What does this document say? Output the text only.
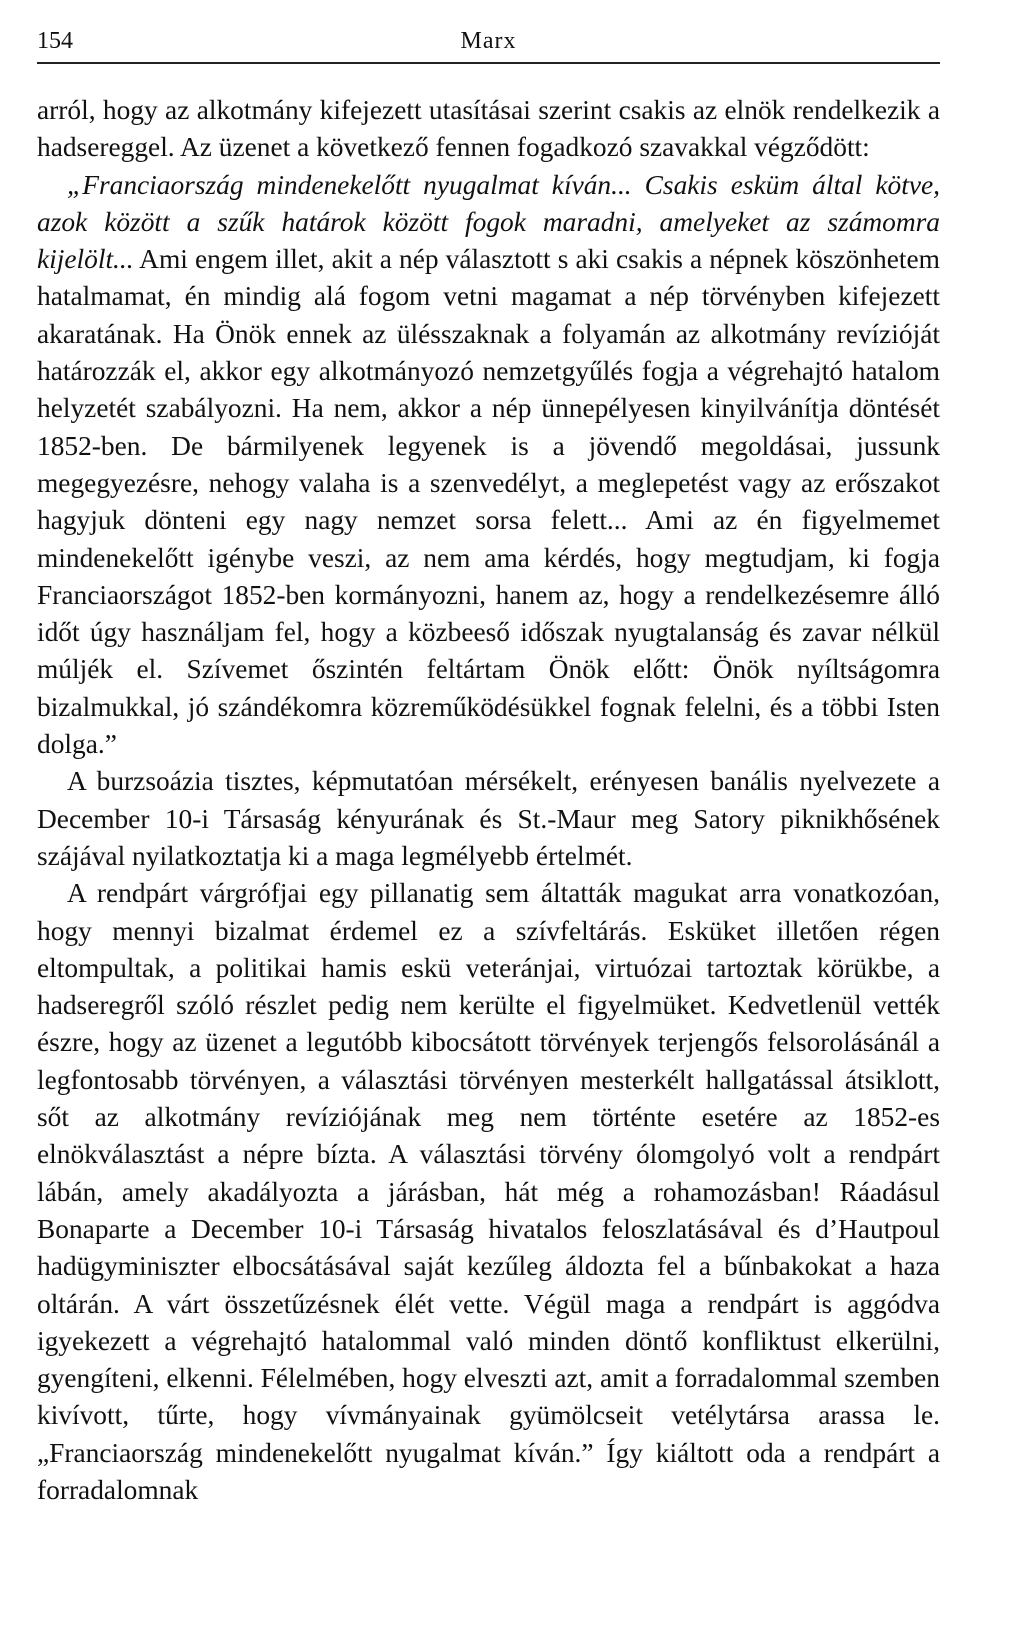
154	Marx

arról, hogy az alkotmány kifejezett utasításai szerint csakis az elnök rendelkezik a hadsereggel. Az üzenet a következő fennen fogadkozó szavakkal végződött:

„Franciaország mindenekelőtt nyugalmat kíván... Csakis esküm által kötve, azok között a szűk határok között fogok maradni, amelyeket az számomra kijelölt... Ami engem illet, akit a nép választott s aki csakis a népnek köszönhetem hatalmamat, én mindig alá fogom vetni magamat a nép törvényben kifejezett akaratának. Ha Önök ennek az ülésszaknak a folyamán az alkotmány revízióját határozzák el, akkor egy alkotmányozó nemzetgyűlés fogja a végrehajtó hatalom helyzetét szabályozni. Ha nem, akkor a nép ünnepélyesen kinyilvánítja döntését 1852-ben. De bármilyenek legyenek is a jövendő megoldásai, jussunk megegyezésre, nehogy valaha is a szenvedélyt, a meglepetést vagy az erőszakot hagyjuk dönteni egy nagy nemzet sorsa felett... Ami az én figyelmemet mindenekelőtt igénybe veszi, az nem ama kérdés, hogy megtudjam, ki fogja Franciaországot 1852-ben kormányozni, hanem az, hogy a rendelkezésemre álló időt úgy használjam fel, hogy a közbeeső időszak nyugtalanság és zavar nélkül múljék el. Szívemet őszintén feltártam Önök előtt: Önök nyíltságomra bizalmukkal, jó szándékomra közreműködésükkel fognak felelni, és a többi Isten dolga.”

A burzsoázia tisztes, képmutatóan mérsékelt, erényesen banális nyelvezete a December 10-i Társaság kényurának és St.-Maur meg Satory piknikhősének szájával nyilatkoztatja ki a maga legmélyebb értelmét.

A rendpárt várgrófjai egy pillanatig sem áltatták magukat arra vonatkozóan, hogy mennyi bizalmat érdemel ez a szívfeltárás. Esküket illetően régen eltompultak, a politikai hamis eskü veteránjai, virtuózai tartoztak körükbe, a hadseregről szóló részlet pedig nem kerülte el figyelmüket. Kedvetlenül vették észre, hogy az üzenet a legutóbb kibocsátott törvények terjengős felsorolásánál a legfontosabb törvényen, a választási törvényen mesterkélt hallgatással átsiklott, sőt az alkotmány revíziójának meg nem történte esetére az 1852-es elnökválasztást a népre bízta. A választási törvény ólomgolyó volt a rendpárt lábán, amely akadályozta a járásban, hát még a rohamozásban! Ráadásul Bonaparte a December 10-i Társaság hivatalos feloszlatásával és d’Hautpoul hadügyminiszter elbocsátásával saját kezűleg áldozta fel a bűnbakokat a haza oltárán. A várt összetűzésnek élét vette. Végül maga a rendpárt is aggódva igyekezett a végrehajtó hatalommal való minden döntő konfliktust elkerülni, gyengíteni, elkenni. Félelmében, hogy elveszti azt, amit a forradalommal szemben kivívott, tűrte, hogy vívmányainak gyümölcseit vetélytársa arassa le. „Franciaország mindenekelőtt nyugalmat kíván.” Így kiáltott oda a rendpárt a forradalomnak
